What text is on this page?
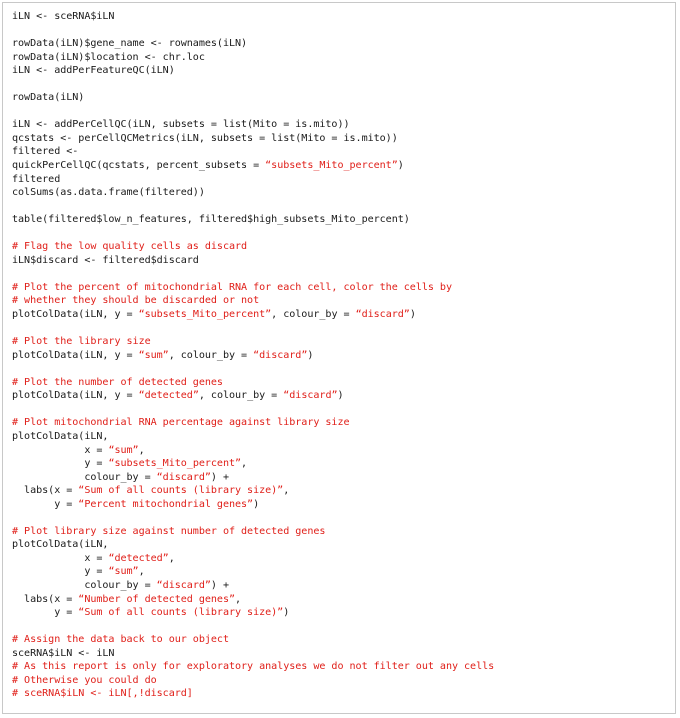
iLN <- sceRNA$iLN
rowData(iLN)$gene_name <- rownames(iLN)
rowData(iLN)$location <- chr.loc
iLN <- addPerFeatureQC(iLN)
rowData(iLN)
iLN <- addPerCellQC(iLN, subsets = list(Mito = is.mito))
qcstats <- perCellQCMetrics(iLN, subsets = list(Mito = is.mito))
filtered <-
quickPerCellQC(qcstats, percent_subsets = “subsets_Mito_percent”)
filtered
colSums(as.data.frame(filtered))
table(filtered$low_n_features, filtered$high_subsets_Mito_percent)
# Flag the low quality cells as discard
iLN$discard <- filtered$discard
# Plot the percent of mitochondrial RNA for each cell, color the cells by
# whether they should be discarded or not
plotColData(iLN, y = “subsets_Mito_percent”, colour_by = “discard”)
# Plot the library size
plotColData(iLN, y = “sum”, colour_by = “discard”)
# Plot the number of detected genes
plotColData(iLN, y = “detected”, colour_by = “discard”)
# Plot mitochondrial RNA percentage against library size
plotColData(iLN,
x = “sum”,
y = “subsets_Mito_percent”,
colour_by = “discard”) +
labs(x = “Sum of all counts (library size)”,
y = “Percent mitochondrial genes”)
# Plot library size against number of detected genes
plotColData(iLN,
x = “detected”,
y = “sum”,
colour_by = “discard”) +
labs(x = “Number of detected genes”,
y = “Sum of all counts (library size)”)
# Assign the data back to our object
sceRNA$iLN <- iLN
# As this report is only for exploratory analyses we do not filter out any cells
# Otherwise you could do
# sceRNA$iLN <- iLN[,!discard]
